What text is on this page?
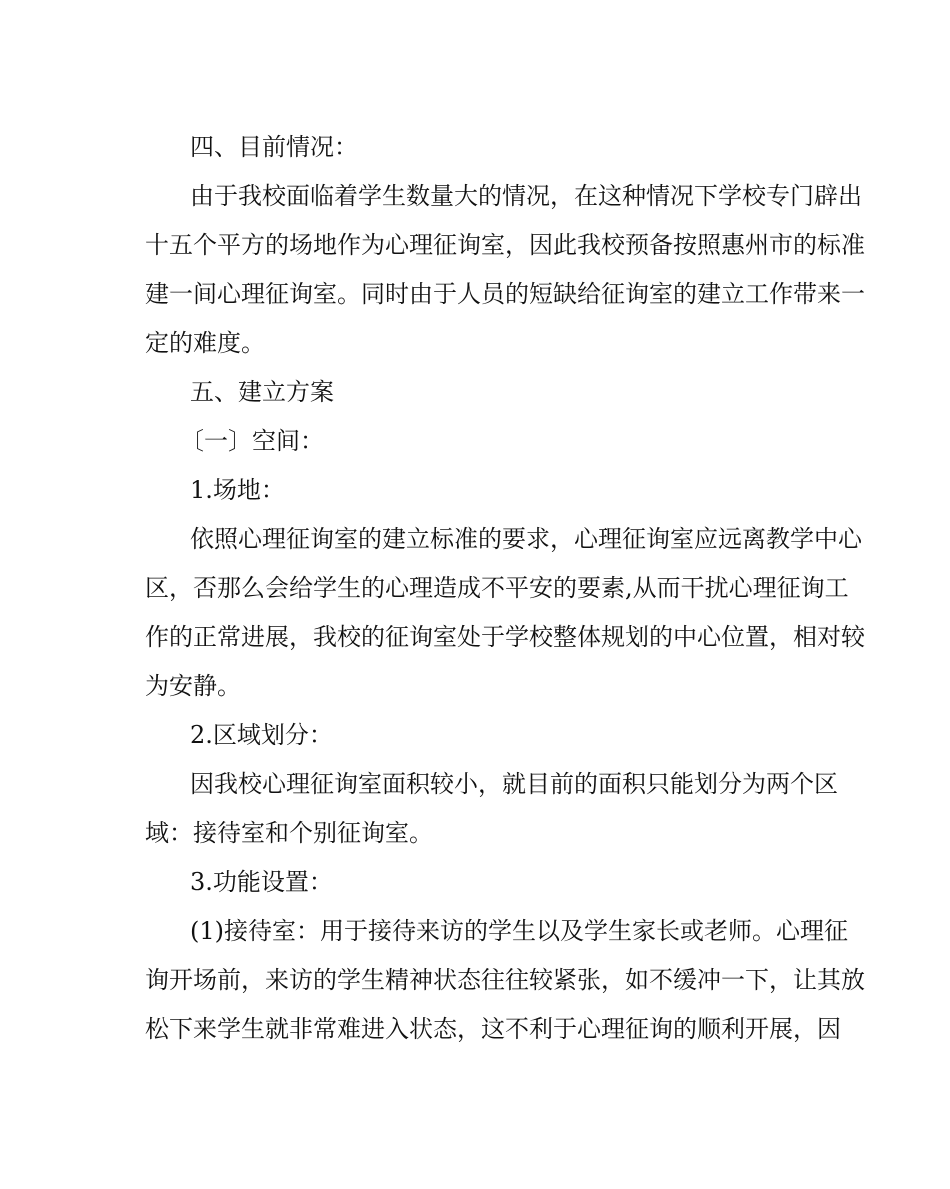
四、目前情况：
由于我校面临着学生数量大的情况，在这种情况下学校专门辟出
十五个平方的场地作为心理征询室，因此我校预备按照惠州市的标准
建一间心理征询室。同时由于人员的短缺给征询室的建立工作带来一
定的难度。
五、建立方案
〔一〕空间：
1.场地：
依照心理征询室的建立标准的要求，心理征询室应远离教学中心
区，否那么会给学生的心理造成不平安的要素,从而干扰心理征询工
作的正常进展，我校的征询室处于学校整体规划的中心位置，相对较
为安静。
2.区域划分：
因我校心理征询室面积较小，就目前的面积只能划分为两个区
域：接待室和个别征询室。
3.功能设置：
(1)接待室：用于接待来访的学生以及学生家长或老师。心理征
询开场前，来访的学生精神状态往往较紧张，如不缓冲一下，让其放
松下来学生就非常难进入状态，这不利于心理征询的顺利开展，因
